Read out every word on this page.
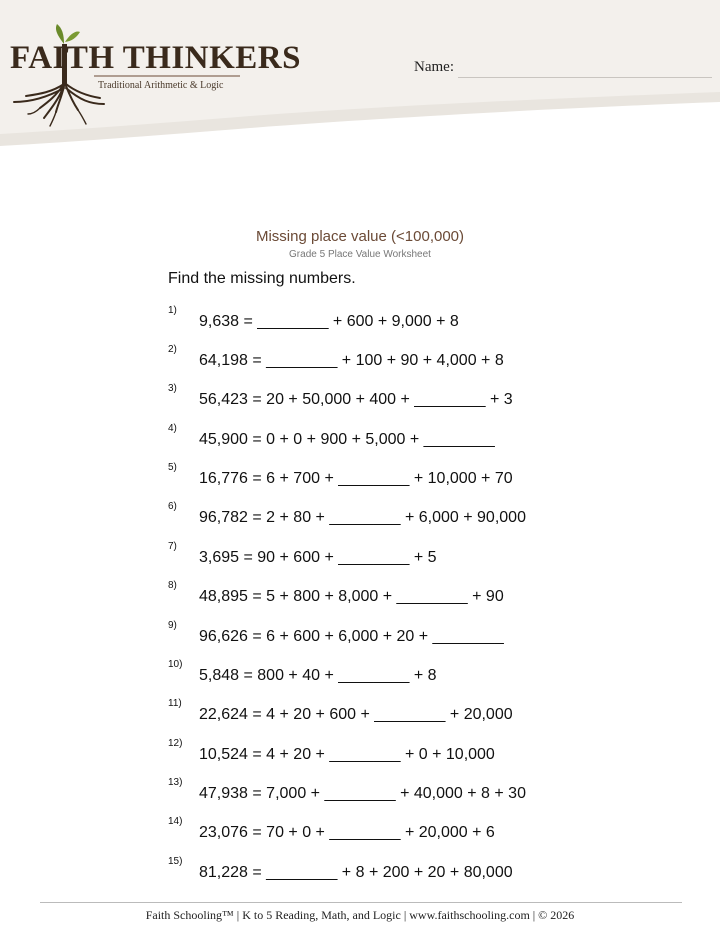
FAITH THINKERS
Traditional Arithmetic & Logic
Name:
Missing place value (<100,000)
Grade 5 Place Value Worksheet
Find the missing numbers.
1)
9,638 = ________ + 600 + 9,000 + 8
2)
64,198 = ________ + 100 + 90 + 4,000 + 8
3)
56,423 = 20 + 50,000 + 400 + ________ + 3
4)
45,900 = 0 + 0 + 900 + 5,000 + ________
5)
16,776 = 6 + 700 + ________ + 10,000 + 70
6)
96,782 = 2 + 80 + ________ + 6,000 + 90,000
7)
3,695 = 90 + 600 + ________ + 5
8)
48,895 = 5 + 800 + 8,000 + ________ + 90
9)
96,626 = 6 + 600 + 6,000 + 20 + ________
10)
5,848 = 800 + 40 + ________ + 8
11)
22,624 = 4 + 20 + 600 + ________ + 20,000
12)
10,524 = 4 + 20 + ________ + 0 + 10,000
13)
47,938 = 7,000 + ________ + 40,000 + 8 + 30
14)
23,076 = 70 + 0 + ________ + 20,000 + 6
15)
81,228 = ________ + 8 + 200 + 20 + 80,000
Faith Schooling™ | K to 5 Reading, Math, and Logic | www.faithschooling.com | © 2026
